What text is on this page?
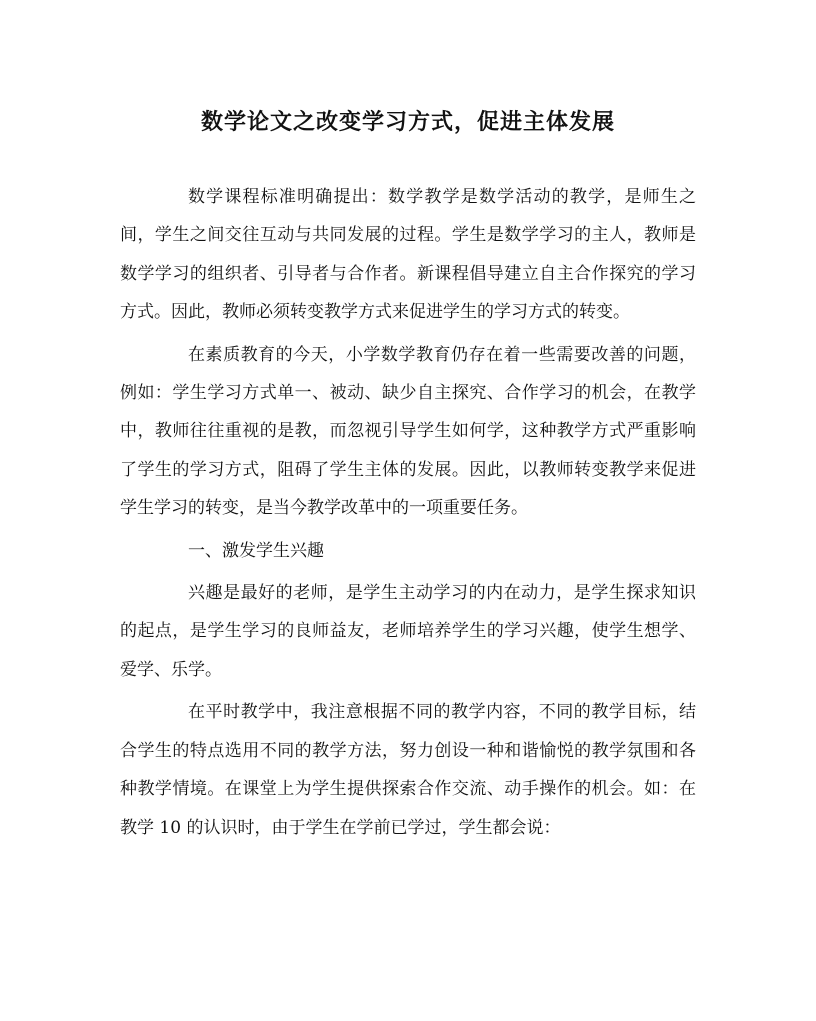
数学论文之改变学习方式，促进主体发展

数学课程标准明确提出：数学教学是数学活动的教学，是师生之间，学生之间交往互动与共同发展的过程。学生是数学学习的主人，教师是数学学习的组织者、引导者与合作者。新课程倡导建立自主合作探究的学习方式。因此，教师必须转变教学方式来促进学生的学习方式的转变。

在素质教育的今天，小学数学教育仍存在着一些需要改善的问题，例如：学生学习方式单一、被动、缺少自主探究、合作学习的机会，在教学中，教师往往重视的是教，而忽视引导学生如何学，这种教学方式严重影响了学生的学习方式，阻碍了学生主体的发展。因此，以教师转变教学来促进学生学习的转变，是当今教学改革中的一项重要任务。

一、激发学生兴趣

兴趣是最好的老师，是学生主动学习的内在动力，是学生探求知识的起点，是学生学习的良师益友，老师培养学生的学习兴趣，使学生想学、爱学、乐学。

在平时教学中，我注意根据不同的教学内容，不同的教学目标，结合学生的特点选用不同的教学方法，努力创设一种和谐愉悦的教学氛围和各种教学情境。在课堂上为学生提供探索合作交流、动手操作的机会。如：在教学 10 的认识时，由于学生在学前已学过，学生都会说：
